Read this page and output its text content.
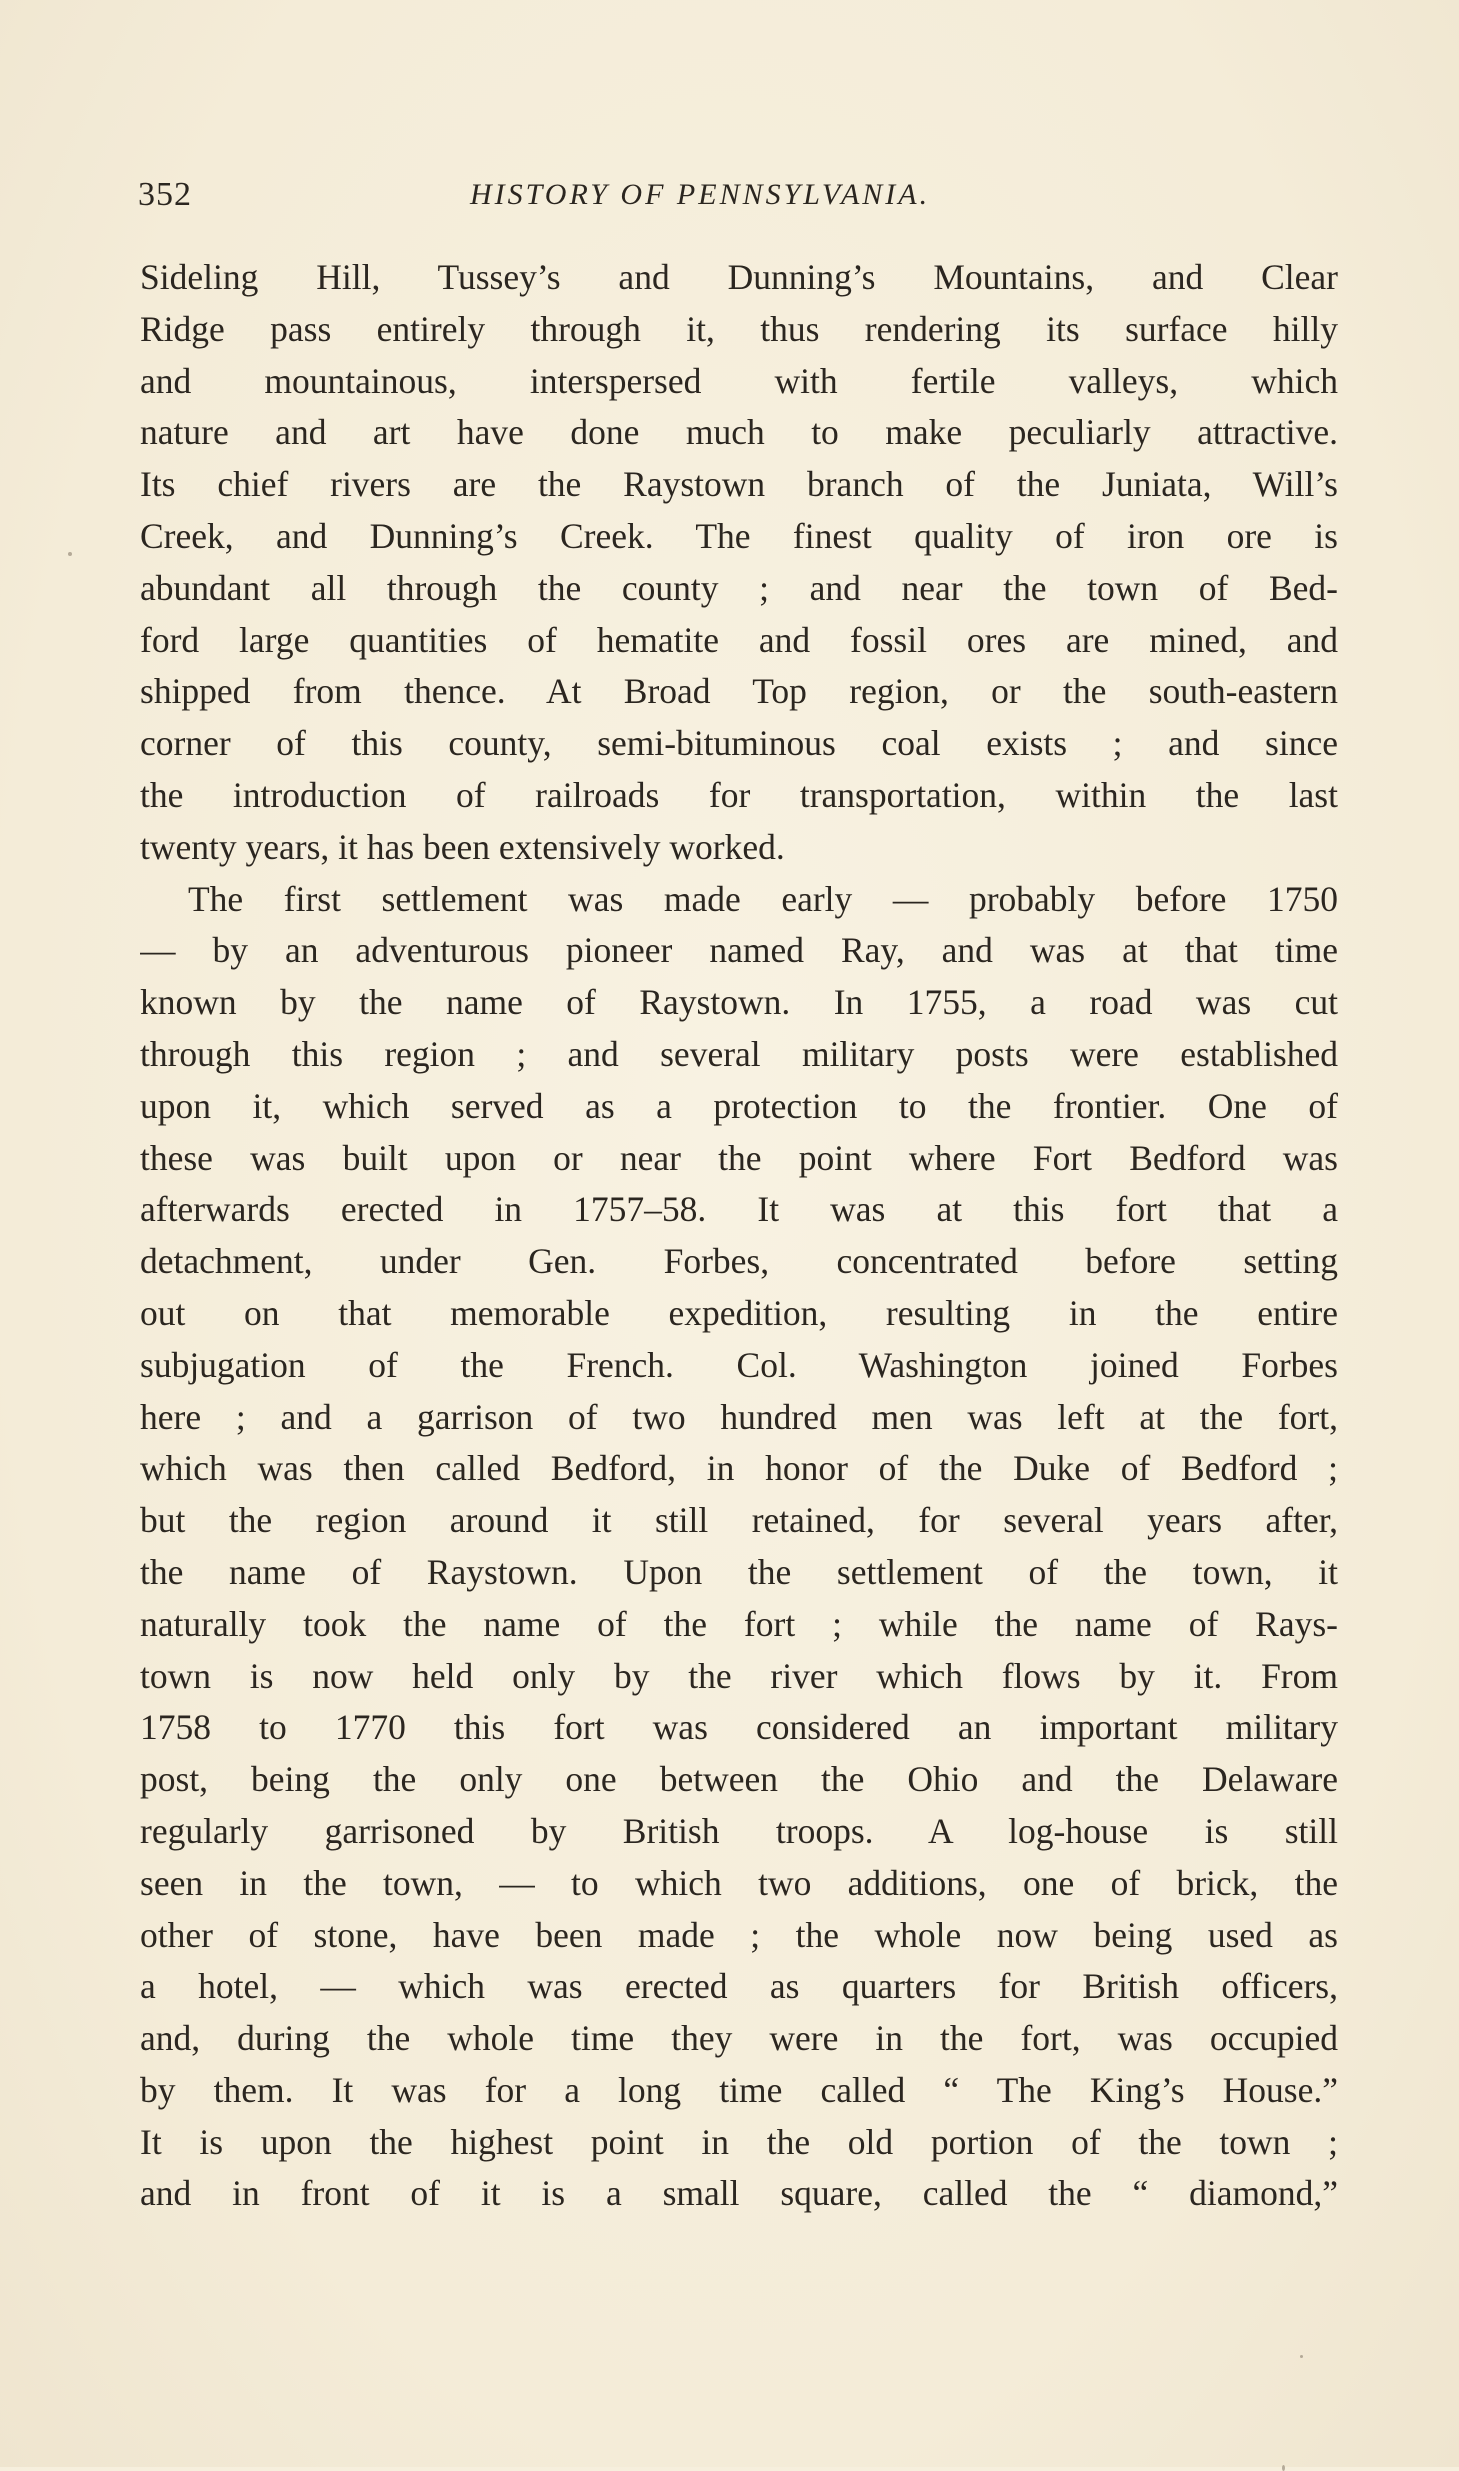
352	HISTORY OF PENNSYLVANIA.
Sideling Hill, Tussey’s and Dunning’s Mountains, and Clear
Ridge pass entirely through it, thus rendering its surface hilly
and mountainous, interspersed with fertile valleys, which
nature and art have done much to make peculiarly attractive.
Its chief rivers are the Raystown branch of the Juniata, Will’s
Creek, and Dunning’s Creek. The finest quality of iron ore is
abundant all through the county ; and near the town of Bed-
ford large quantities of hematite and fossil ores are mined, and
shipped from thence. At Broad Top region, or the south-eastern
corner of this county, semi-bituminous coal exists ; and since
the introduction of railroads for transportation, within the last
twenty years, it has been extensively worked.
The first settlement was made early — probably before 1750
— by an adventurous pioneer named Ray, and was at that time
known by the name of Raystown. In 1755, a road was cut
through this region ; and several military posts were established
upon it, which served as a protection to the frontier. One of
these was built upon or near the point where Fort Bedford was
afterwards erected in 1757–58. It was at this fort that a
detachment, under Gen. Forbes, concentrated before setting
out on that memorable expedition, resulting in the entire
subjugation of the French. Col. Washington joined Forbes
here ; and a garrison of two hundred men was left at the fort,
which was then called Bedford, in honor of the Duke of Bedford ;
but the region around it still retained, for several years after,
the name of Raystown. Upon the settlement of the town, it
naturally took the name of the fort ; while the name of Rays-
town is now held only by the river which flows by it. From
1758 to 1770 this fort was considered an important military
post, being the only one between the Ohio and the Delaware
regularly garrisoned by British troops. A log-house is still
seen in the town, — to which two additions, one of brick, the
other of stone, have been made ; the whole now being used as
a hotel, — which was erected as quarters for British officers,
and, during the whole time they were in the fort, was occupied
by them. It was for a long time called “ The King’s House.”
It is upon the highest point in the old portion of the town ;
and in front of it is a small square, called the “ diamond,”
